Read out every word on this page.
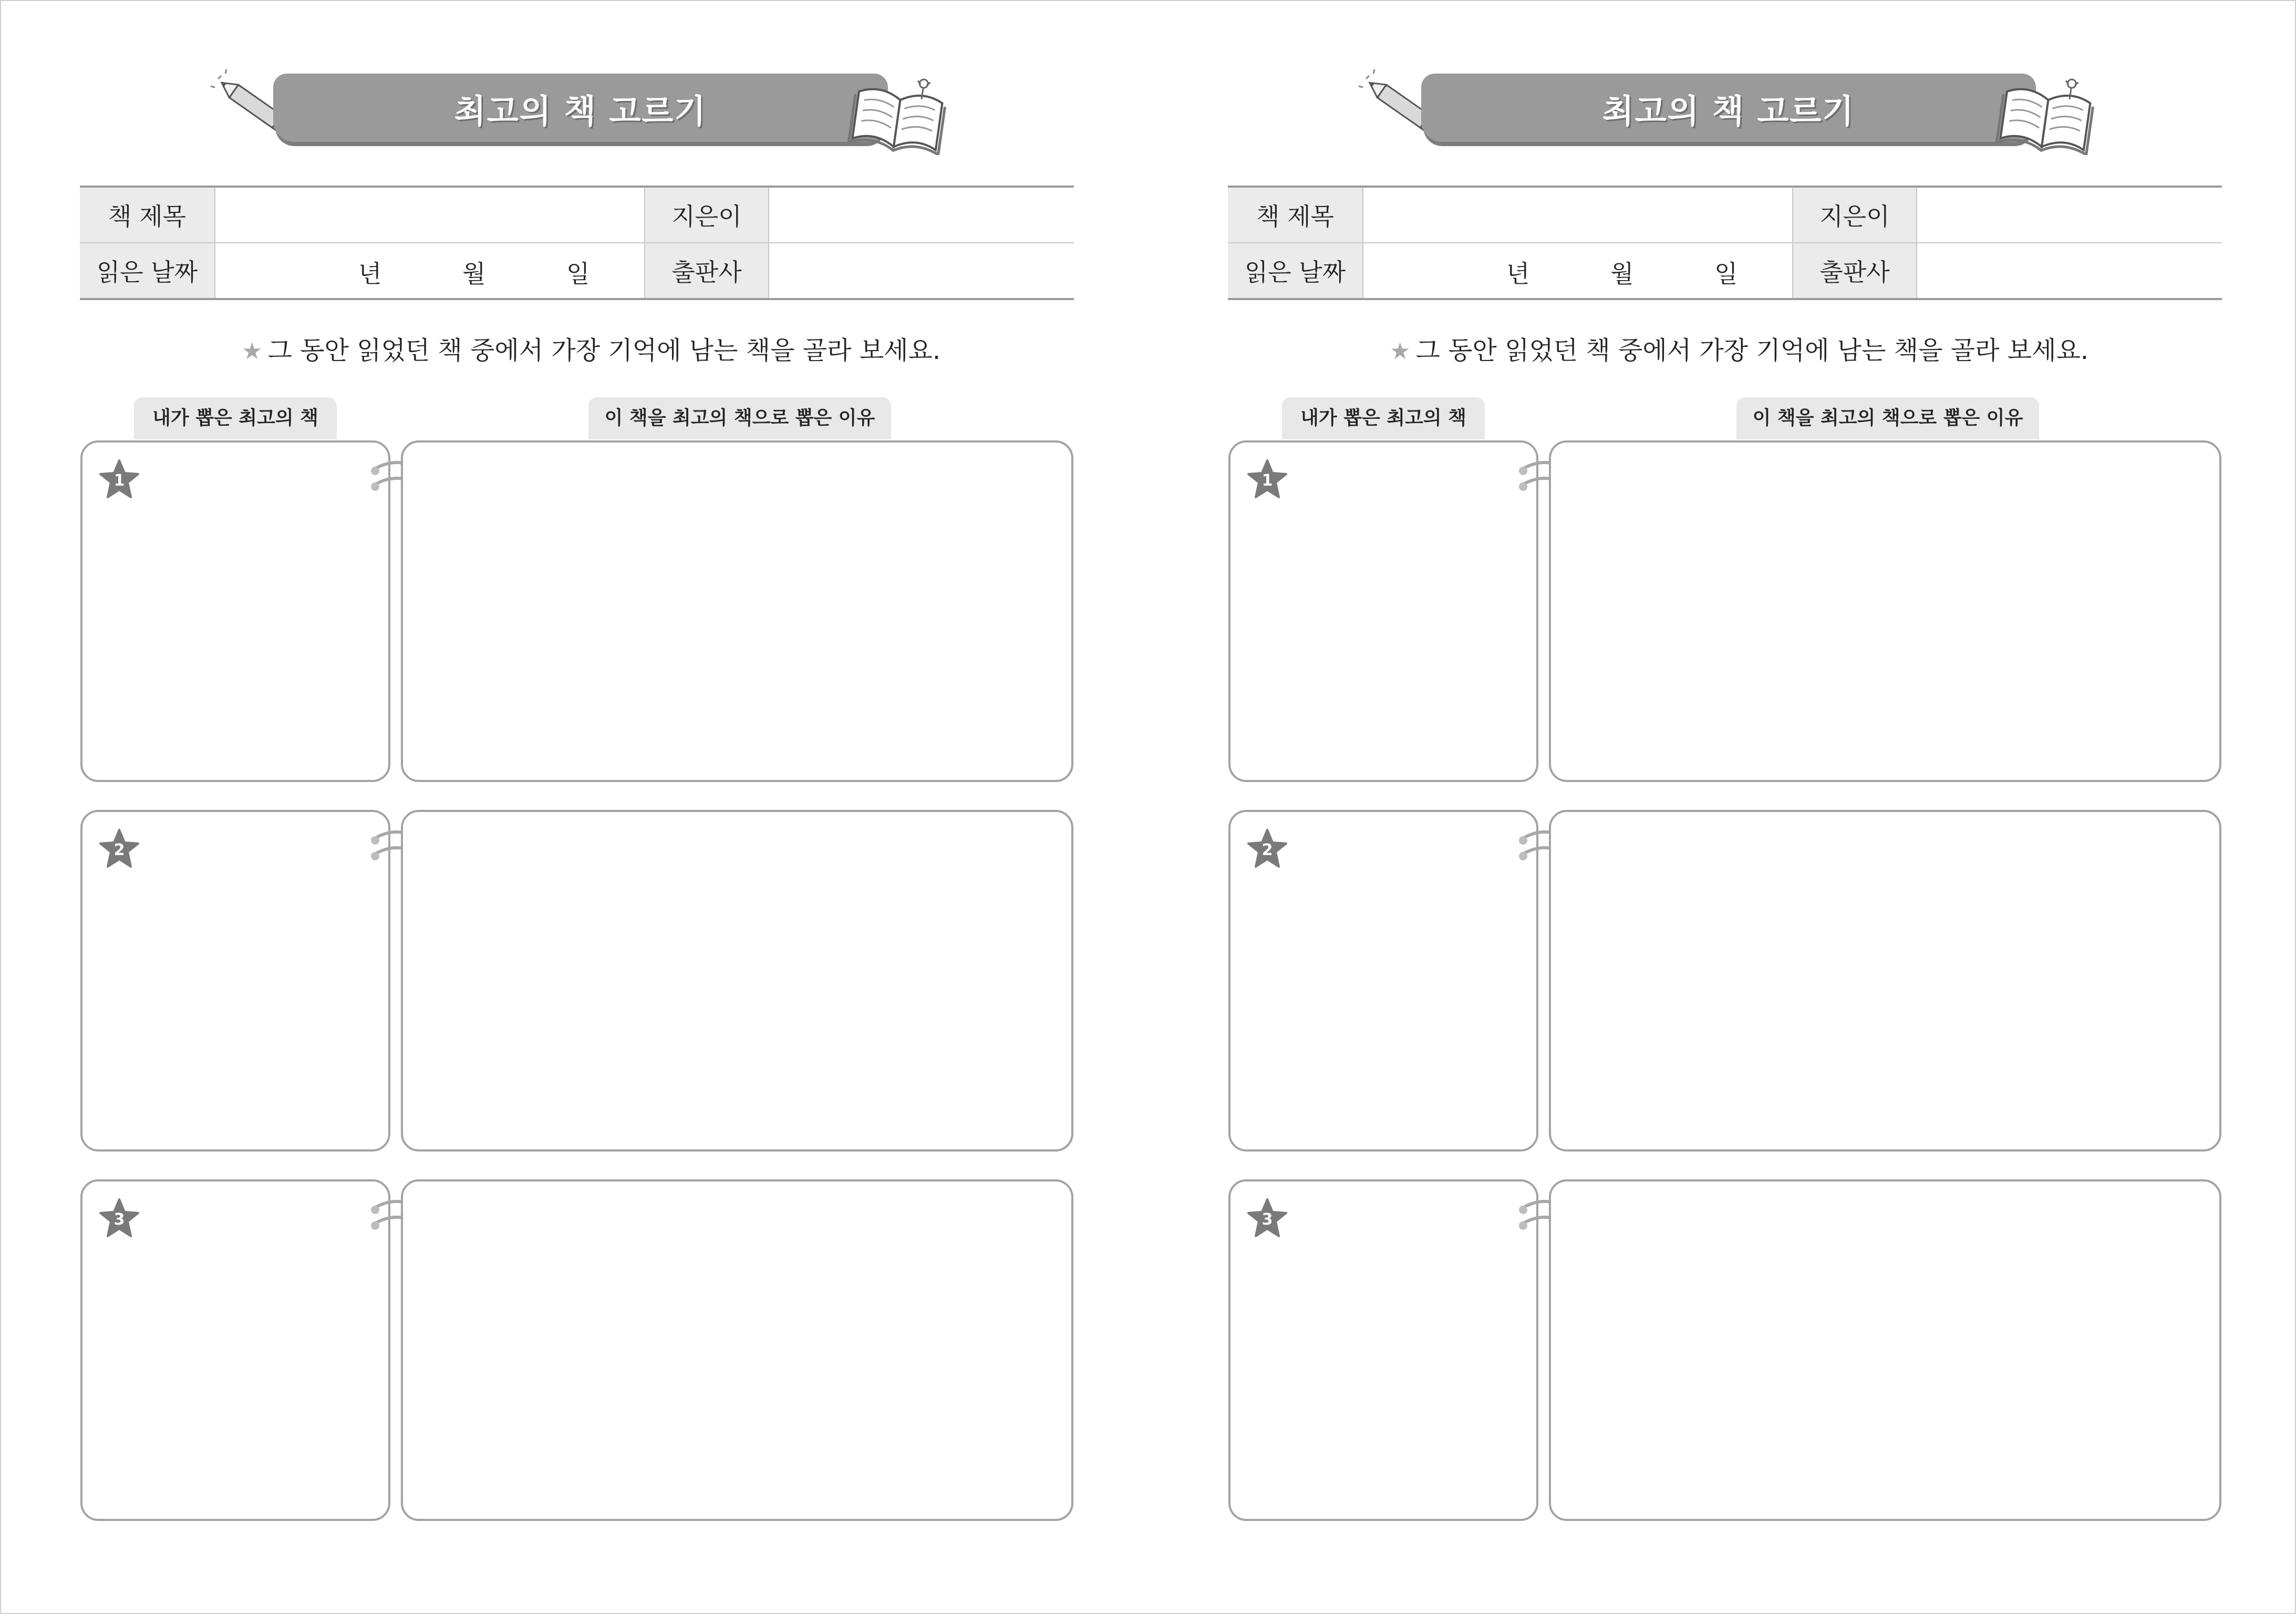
최고의 책 고르기
책 제목		지은이	
읽은 날짜	년 월 일	출판사	
★ 그 동안 읽었던 책 중에서 가장 기억에 남는 책을 골라 보세요.
내가 뽑은 최고의 책	이 책을 최고의 책으로 뽑은 이유
1
2
3
최고의 책 고르기
책 제목		지은이	
읽은 날짜	년 월 일	출판사	
★ 그 동안 읽었던 책 중에서 가장 기억에 남는 책을 골라 보세요.
내가 뽑은 최고의 책	이 책을 최고의 책으로 뽑은 이유
1
2
3
